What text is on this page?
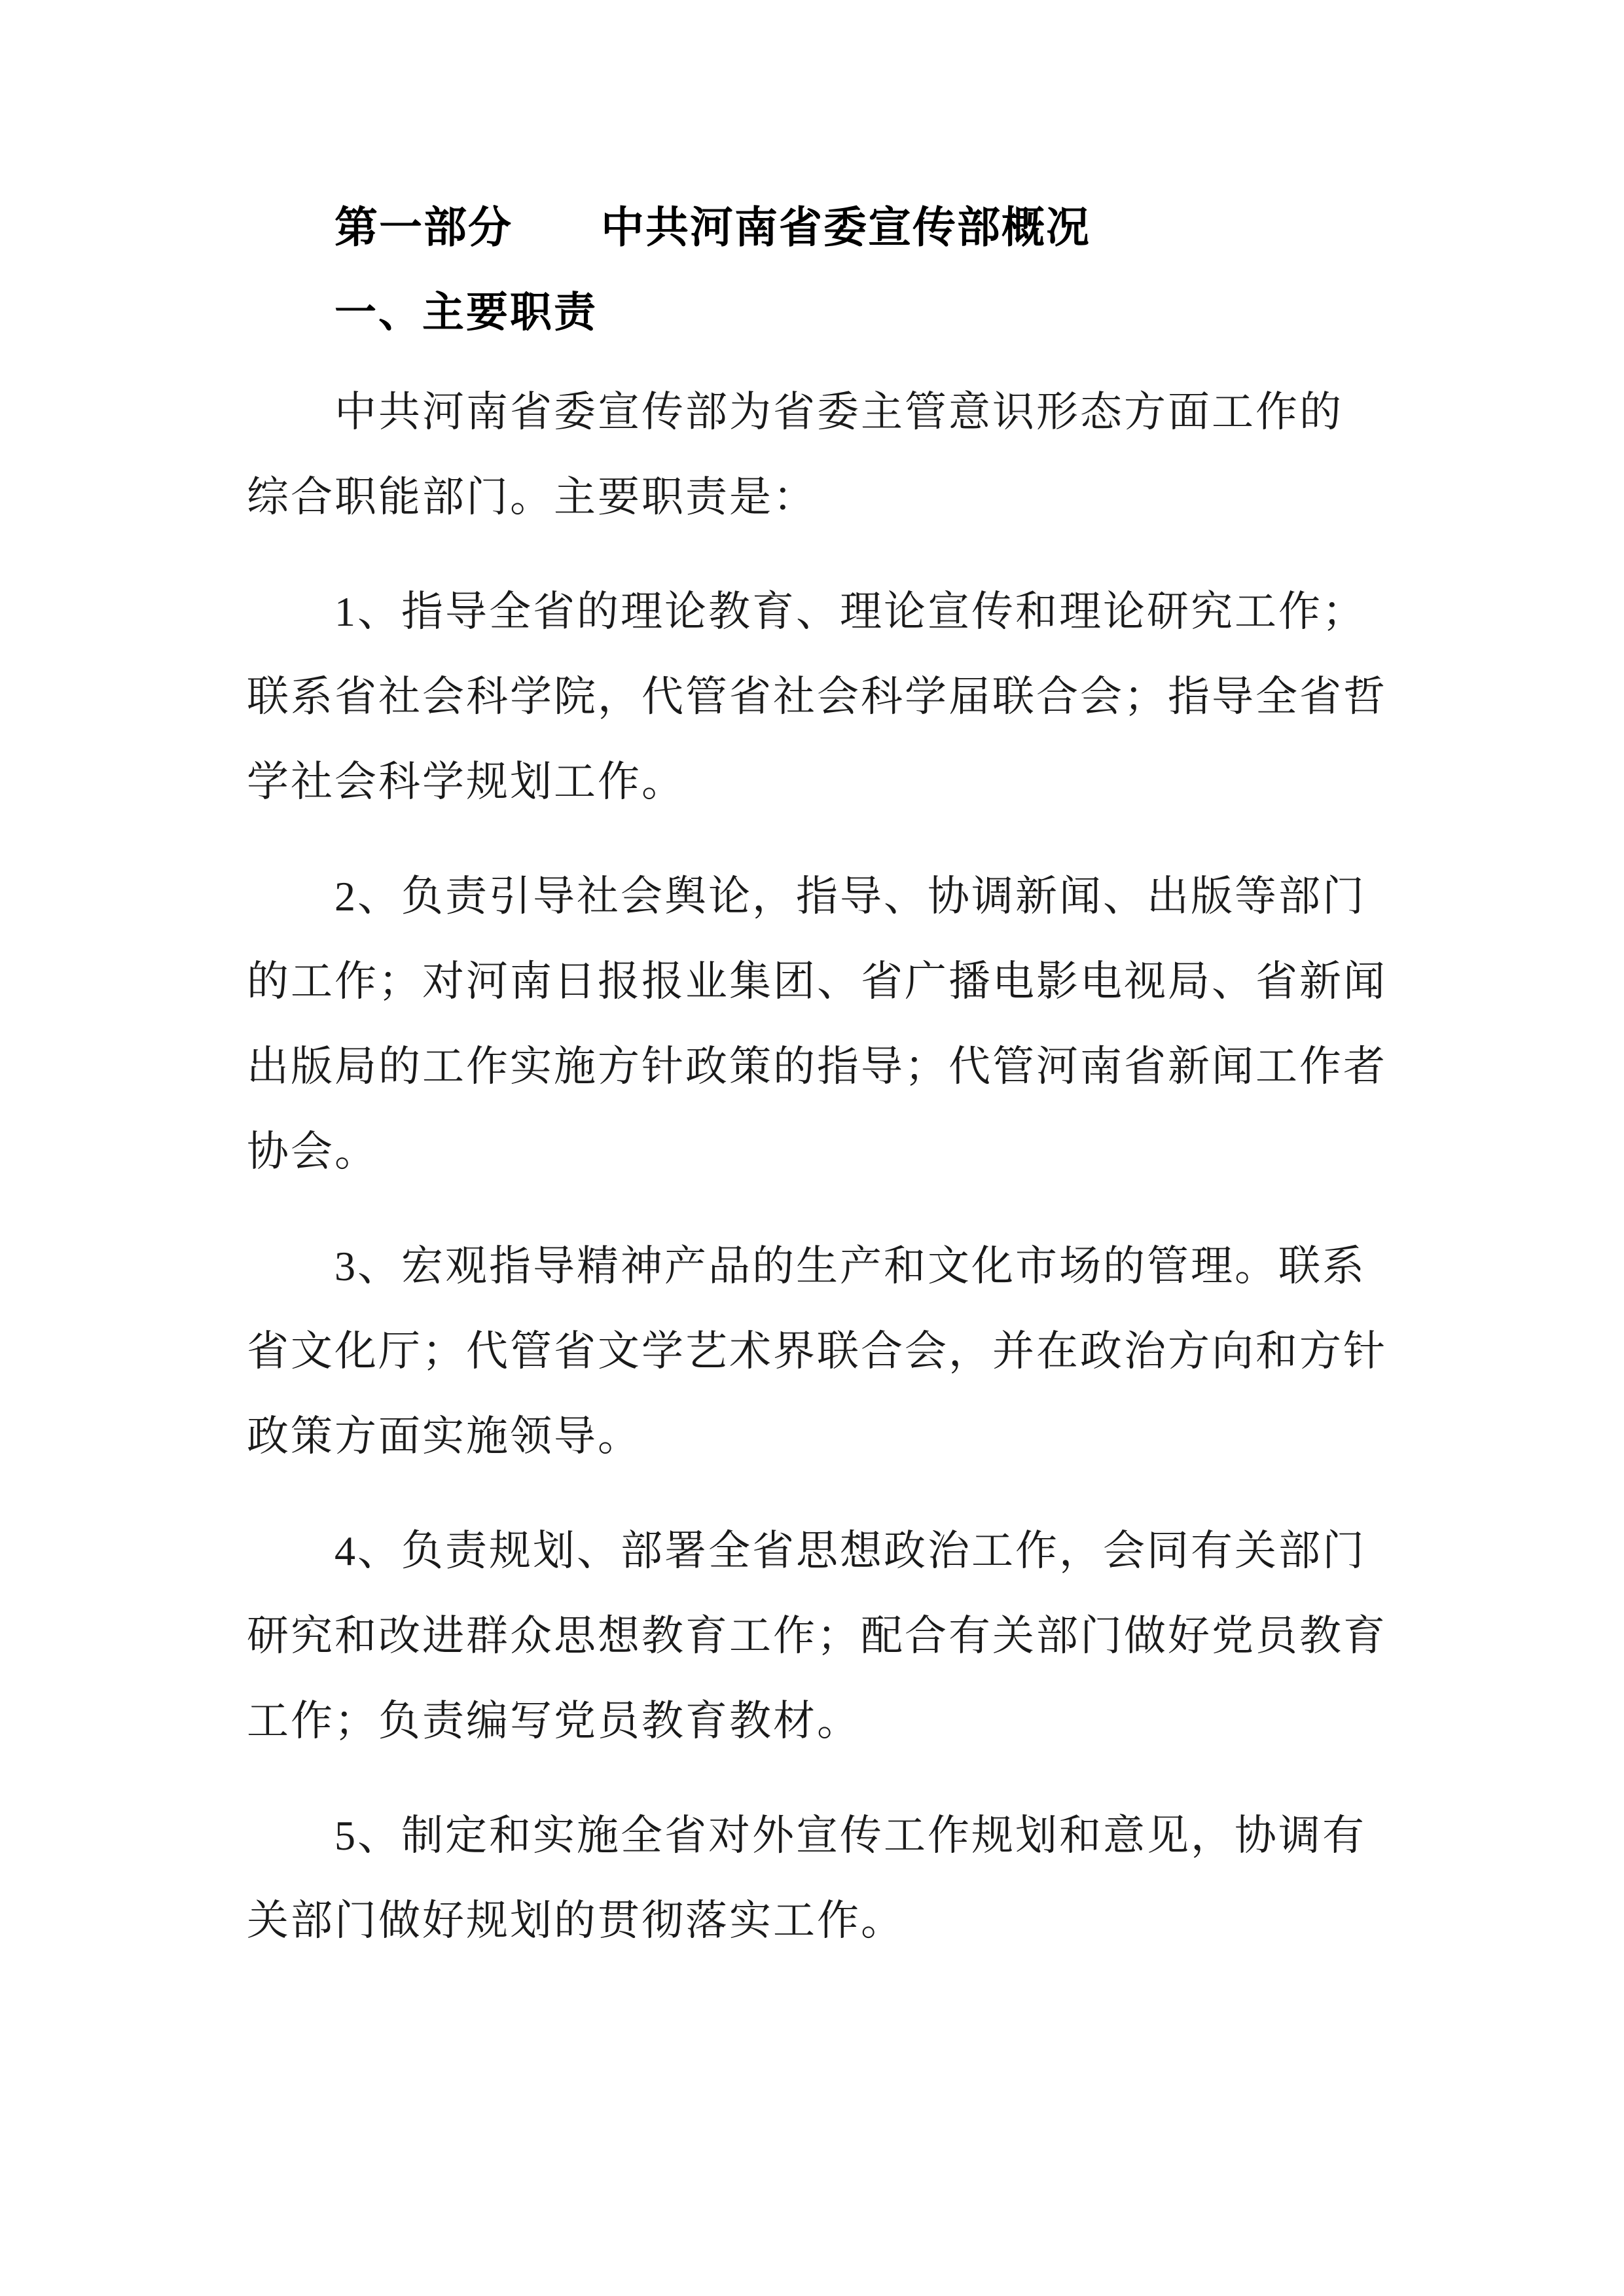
第一部分 中共河南省委宣传部概况
一、主要职责
中共河南省委宣传部为省委主管意识形态方面工作的
综合职能部门。主要职责是：
1、指导全省的理论教育、理论宣传和理论研究工作；
联系省社会科学院，代管省社会科学届联合会；指导全省哲
学社会科学规划工作。
2、负责引导社会舆论，指导、协调新闻、出版等部门
的工作；对河南日报报业集团、省广播电影电视局、省新闻
出版局的工作实施方针政策的指导；代管河南省新闻工作者
协会。
3、宏观指导精神产品的生产和文化市场的管理。联系
省文化厅；代管省文学艺术界联合会，并在政治方向和方针
政策方面实施领导。
4、负责规划、部署全省思想政治工作，会同有关部门
研究和改进群众思想教育工作；配合有关部门做好党员教育
工作；负责编写党员教育教材。
5、制定和实施全省对外宣传工作规划和意见，协调有
关部门做好规划的贯彻落实工作。
